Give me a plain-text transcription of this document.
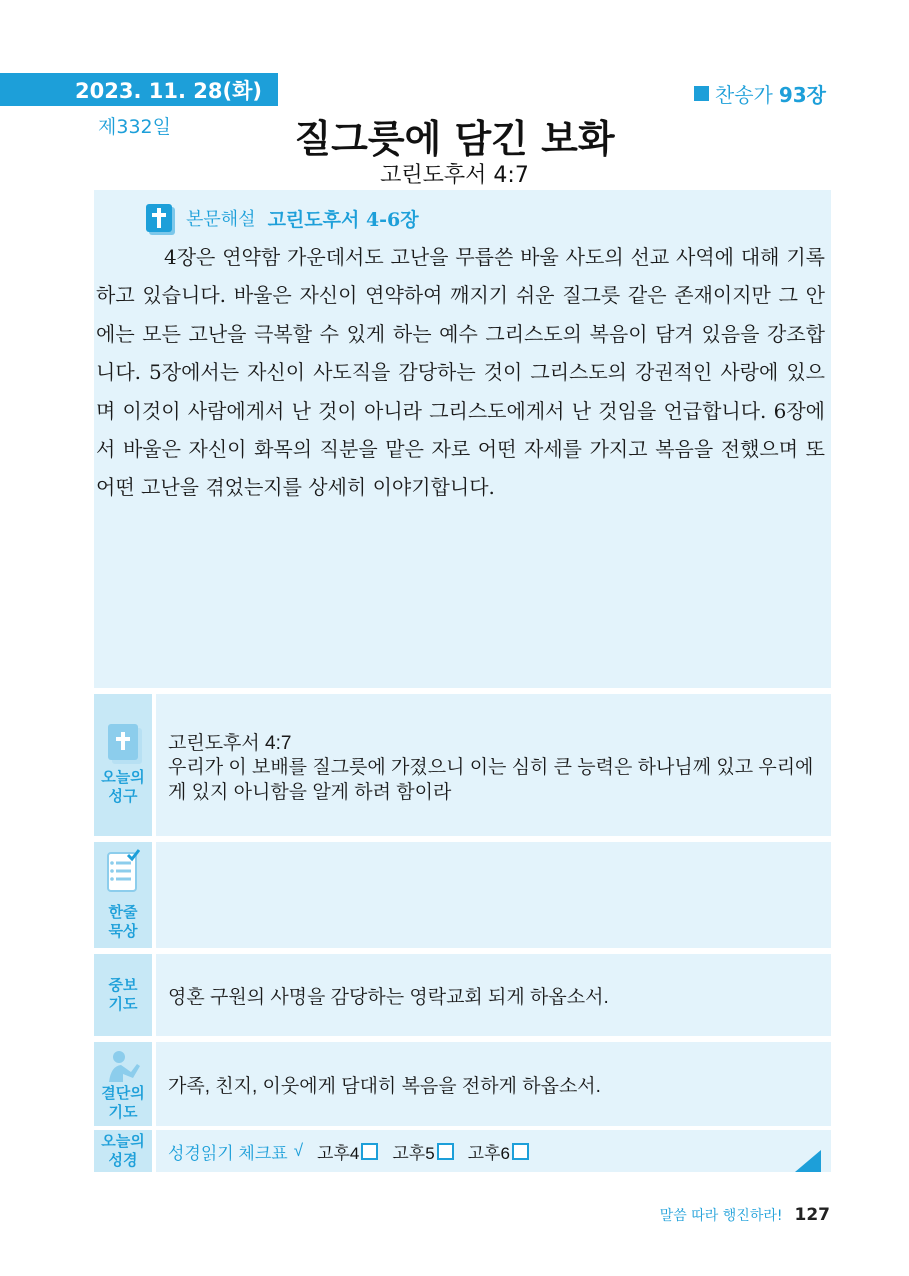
2023. 11. 28(화)
제332일
찬송가 93장
질그릇에 담긴 보화
고린도후서 4:7
본문해설 고린도후서 4-6장
4장은 연약함 가운데서도 고난을 무릅쓴 바울 사도의 선교 사역에 대해 기록하고 있습니다. 바울은 자신이 연약하여 깨지기 쉬운 질그릇 같은 존재이지만 그 안에는 모든 고난을 극복할 수 있게 하는 예수 그리스도의 복음이 담겨 있음을 강조합니다. 5장에서는 자신이 사도직을 감당하는 것이 그리스도의 강권적인 사랑에 있으며 이것이 사람에게서 난 것이 아니라 그리스도에게서 난 것임을 언급합니다. 6장에서 바울은 자신이 화목의 직분을 맡은 자로 어떤 자세를 가지고 복음을 전했으며 또 어떤 고난을 겪었는지를 상세히 이야기합니다.
오늘의
성구
고린도후서 4:7
우리가 이 보배를 질그릇에 가졌으니 이는 심히 큰 능력은 하나님께 있고 우리에게 있지 아니함을 알게 하려 함이라
한줄
묵상
중보
기도 영혼 구원의 사명을 감당하는 영락교회 되게 하옵소서.
결단의
기도
가족, 친지, 이웃에게 담대히 복음을 전하게 하옵소서.
오늘의
성경 성경읽기 체크표 √ 고후4 고후5 고후6
말씀 따라 행진하라! 127
